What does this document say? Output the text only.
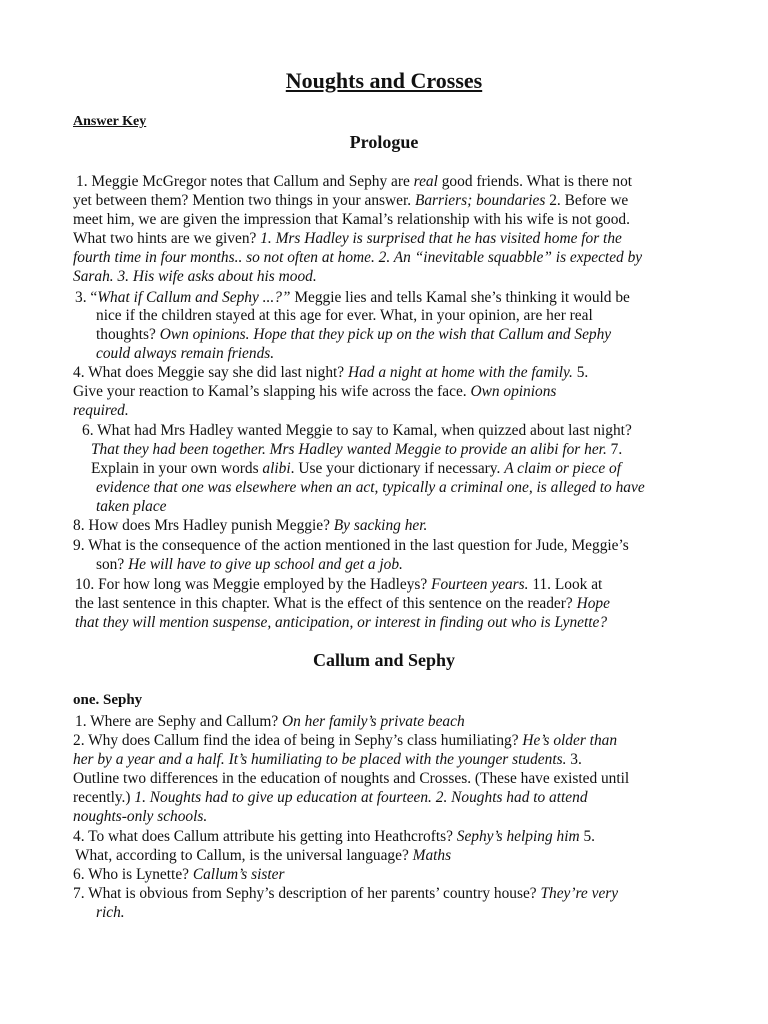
Noughts and Crosses
Answer Key
Prologue
1. Meggie McGregor notes that Callum and Sephy are real good friends. What is there not
yet between them? Mention two things in your answer. Barriers; boundaries 2. Before we
meet him, we are given the impression that Kamal’s relationship with his wife is not good.
What two hints are we given? 1. Mrs Hadley is surprised that he has visited home for the
fourth time in four months.. so not often at home. 2. An “inevitable squabble” is expected by
Sarah. 3. His wife asks about his mood.
3. “What if Callum and Sephy ...?” Meggie lies and tells Kamal she’s thinking it would be
nice if the children stayed at this age for ever. What, in your opinion, are her real
thoughts? Own opinions. Hope that they pick up on the wish that Callum and Sephy
could always remain friends.
4. What does Meggie say she did last night? Had a night at home with the family. 5.
Give your reaction to Kamal’s slapping his wife across the face. Own opinions
required.
6. What had Mrs Hadley wanted Meggie to say to Kamal, when quizzed about last night?
That they had been together. Mrs Hadley wanted Meggie to provide an alibi for her. 7.
Explain in your own words alibi. Use your dictionary if necessary. A claim or piece of
evidence that one was elsewhere when an act, typically a criminal one, is alleged to have
taken place
8. How does Mrs Hadley punish Meggie? By sacking her.
9. What is the consequence of the action mentioned in the last question for Jude, Meggie’s
son? He will have to give up school and get a job.
10. For how long was Meggie employed by the Hadleys? Fourteen years. 11. Look at
the last sentence in this chapter. What is the effect of this sentence on the reader? Hope
that they will mention suspense, anticipation, or interest in finding out who is Lynette?
Callum and Sephy
one. Sephy
1. Where are Sephy and Callum? On her family’s private beach
2. Why does Callum find the idea of being in Sephy’s class humiliating? He’s older than
her by a year and a half. It’s humiliating to be placed with the younger students. 3.
Outline two differences in the education of noughts and Crosses. (These have existed until
recently.) 1. Noughts had to give up education at fourteen. 2. Noughts had to attend
noughts-only schools.
4. To what does Callum attribute his getting into Heathcrofts? Sephy’s helping him 5.
What, according to Callum, is the universal language? Maths
6. Who is Lynette? Callum’s sister
7. What is obvious from Sephy’s description of her parents’ country house? They’re very
rich.
